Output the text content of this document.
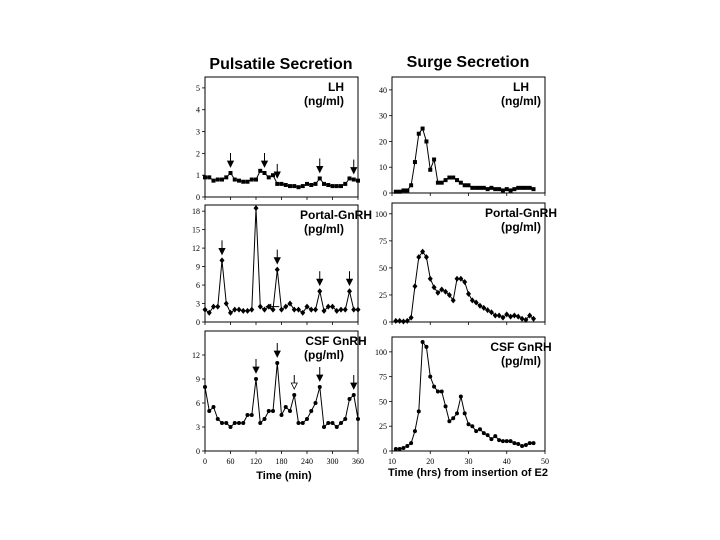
Pulsatile Secretion	Surge Secretion
0
1
2
3
4
5	LH
(ng/ml)
0
10
20
30
40	LH
(ng/ml)
0
3
6
9
12
15
18	Portal-GnRH
(pg/ml)
0
25
50
75
100	Portal-GnRH
(pg/ml)
0
3
6
9
12
0 60 120 180 240 300 360
CSF GnRH
(pg/ml)
0
25
50
75
100
10	20	30	40	50
CSF GnRH
(pg/ml)
Time (min)	Time (hrs) from insertion of E2
